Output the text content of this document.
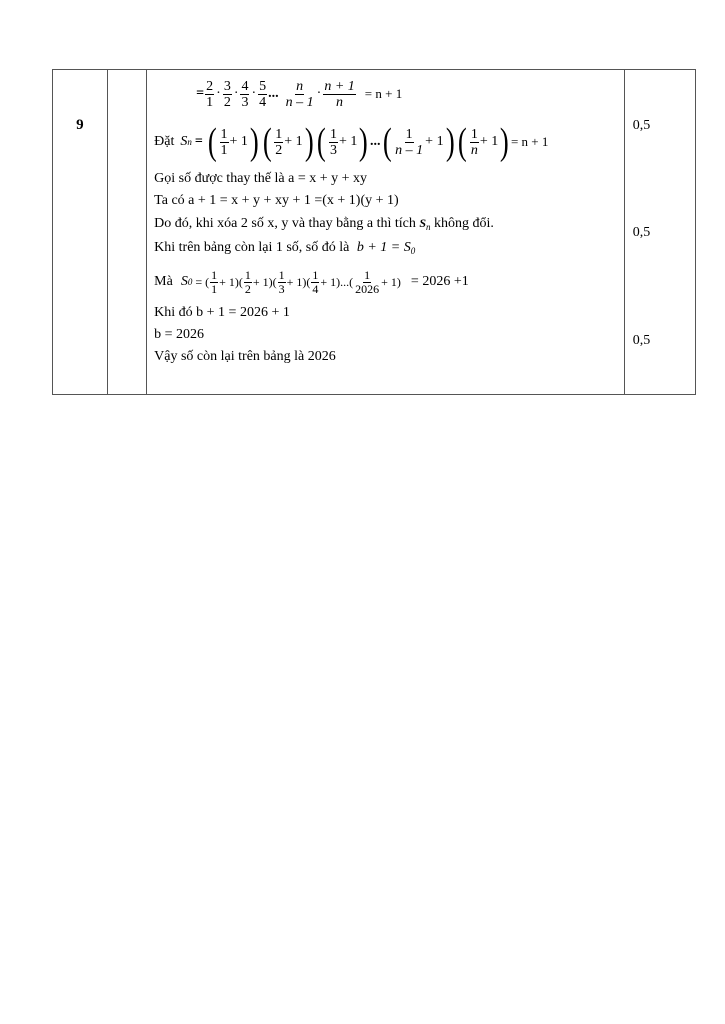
9

= $\frac{2}{1} \cdot \frac{3}{2} \cdot \frac{4}{3} \cdot \frac{5}{4}$ ... $\frac{n}{n - 1} \cdot \frac{n + 1}{n} = n + 1$
Đặt S n = ( $\frac{1}{1} + 1$ ) ( $\frac{1}{2} + 1$ ) ( $\frac{1}{3} + 1$ ) ... ( $\frac{1}{n - 1} + 1$ ) ( $\frac{1}{n} + 1$ ) = n + 1
Gọi số được thay thế là a = x + y + xy
Ta có a + 1 = x + y + xy + 1 =(x + 1)(y + 1)
Do đó, khi xóa 2 số x, y và thay bằng a thì tích $S_n$ không đổi.
Khi trên bảng còn lại 1 số, số đó là $b + 1 = S_0$
Mà S 0 = ( $\frac{1}{1} + 1)( \frac{1}{2} + 1)( \frac{1}{3} + 1)( \frac{1}{4} + 1)...( \frac{1}{2026} + 1) = 2026 +1$
Khi đó b + 1 = 2026 + 1
b = 2026
Vậy số còn lại trên bảng là 2026

0,5
0,5
0,5
